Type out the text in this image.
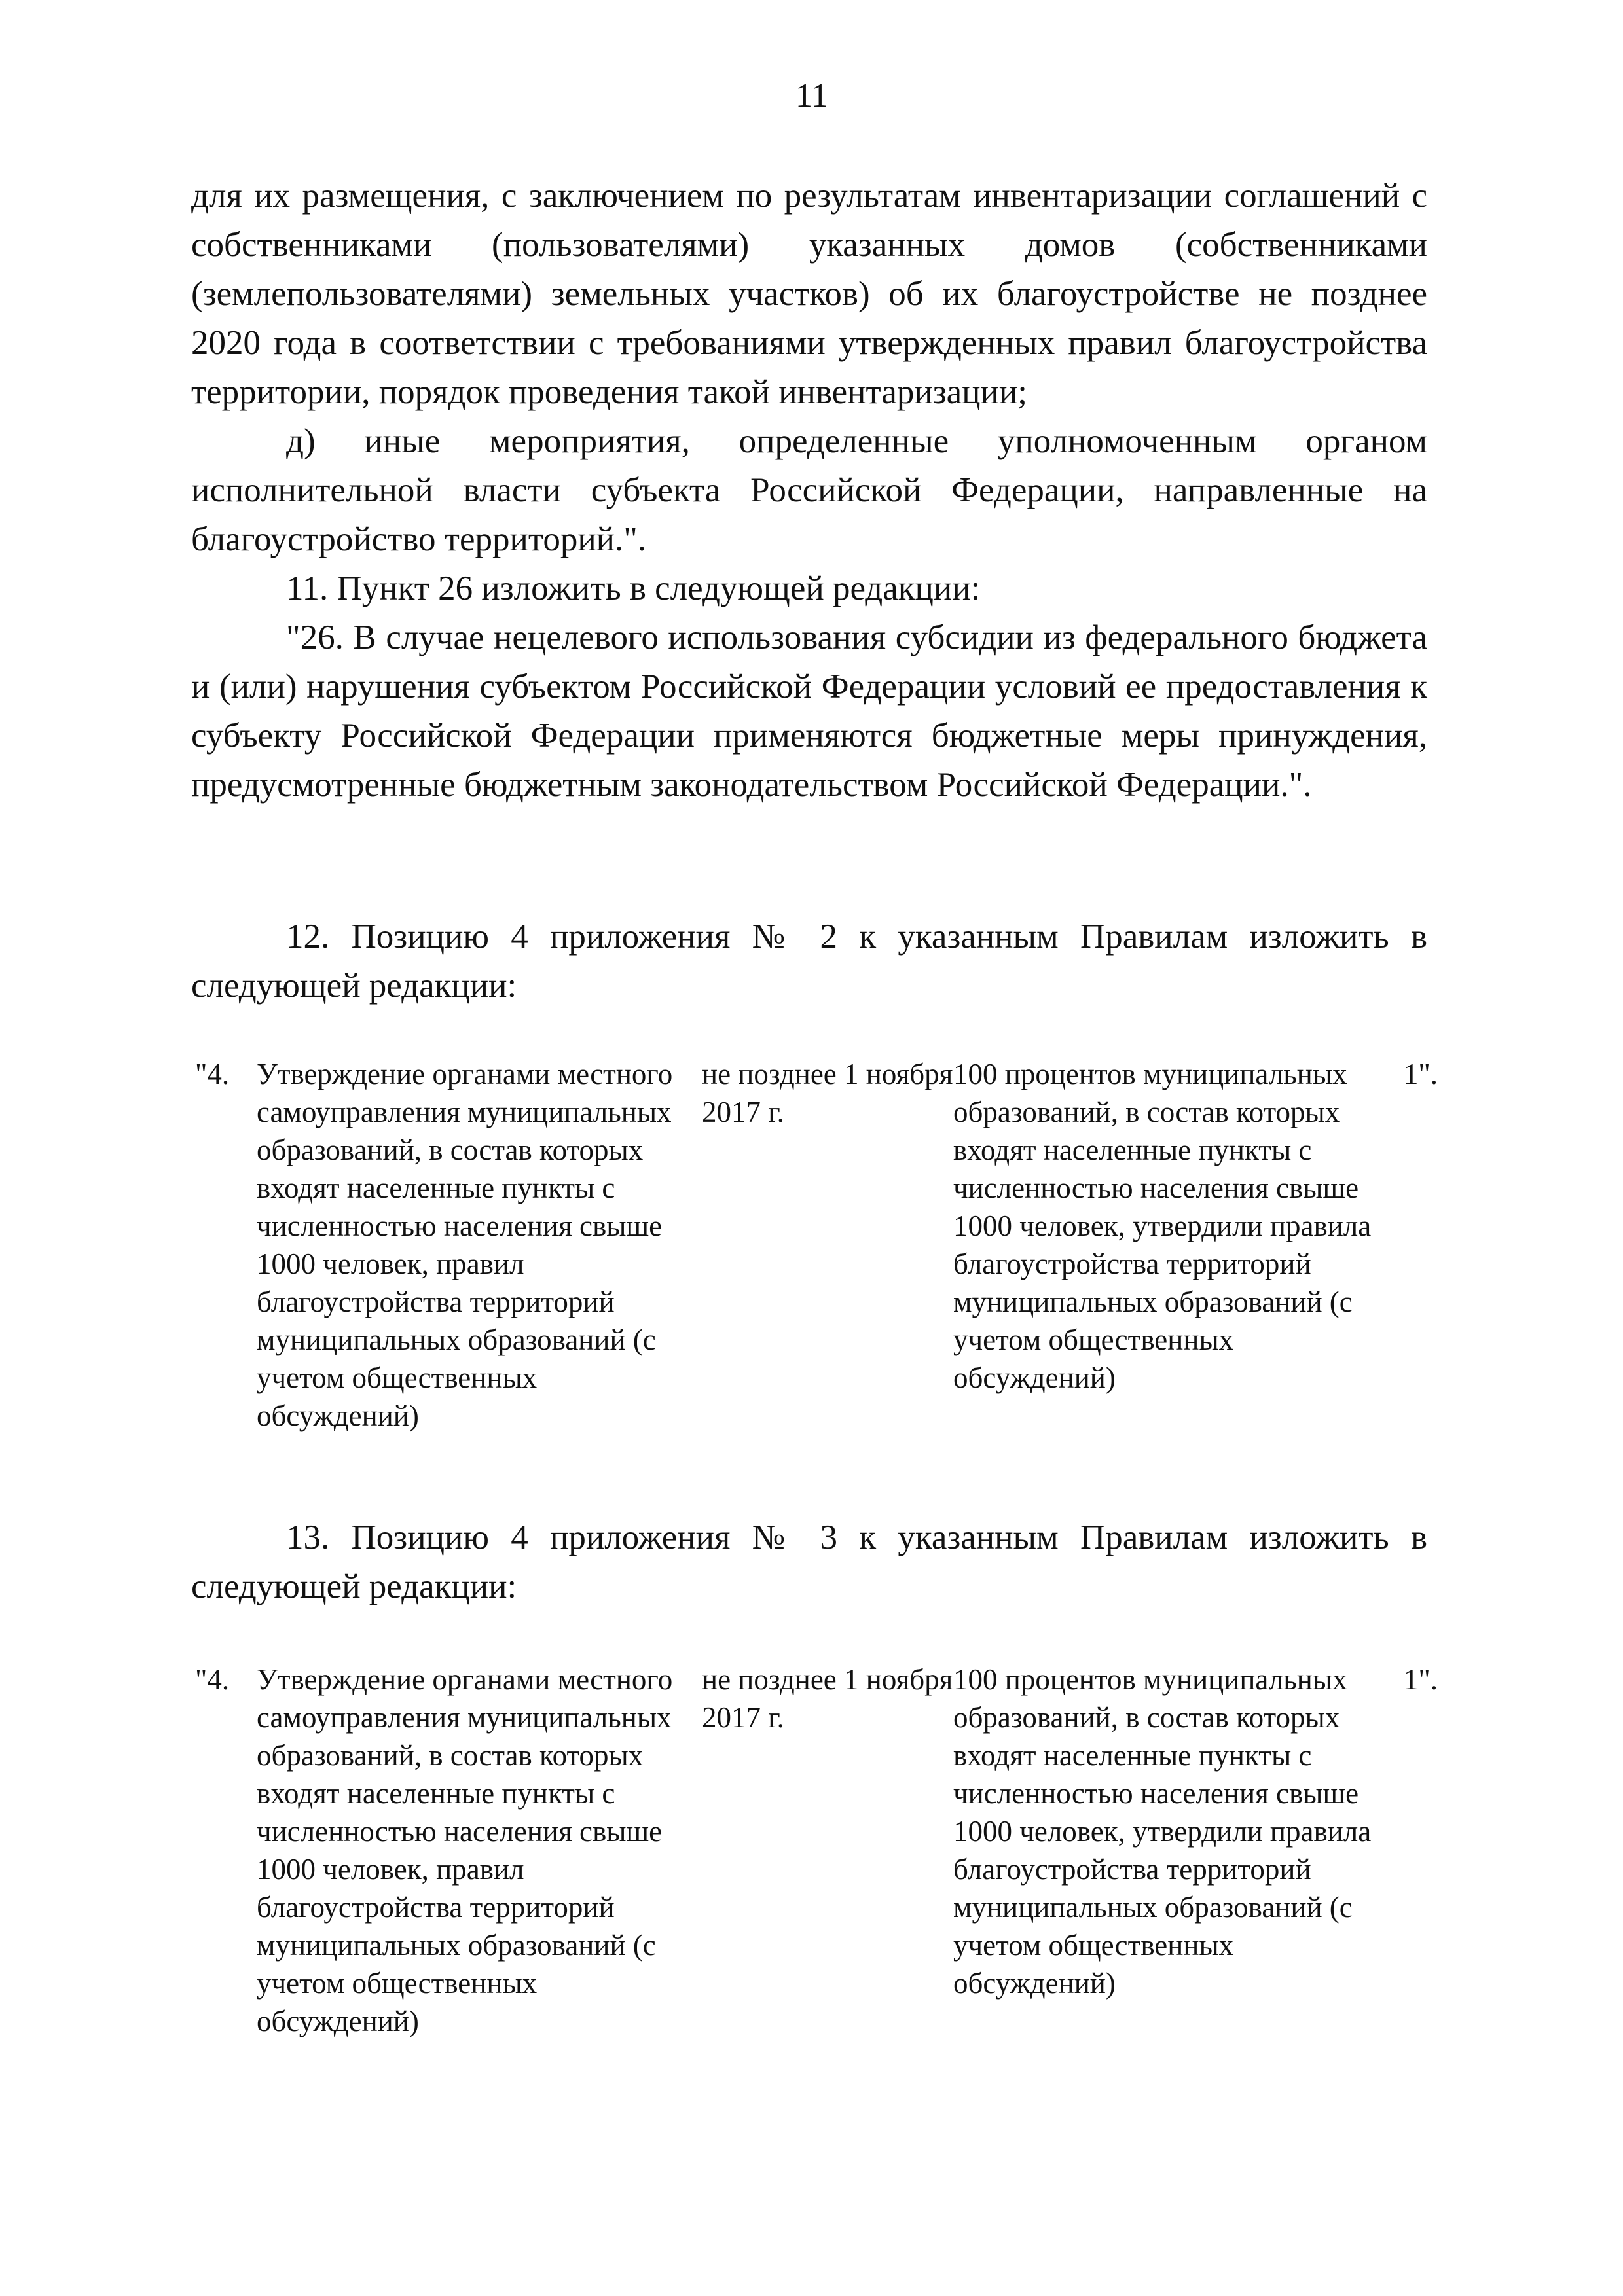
11

для их размещения, с заключением по результатам инвентаризации соглашений с собственниками (пользователями) указанных домов (собственниками (землепользователями) земельных участков) об их благоустройстве не позднее 2020 года в соответствии с требованиями утвержденных правил благоустройства территории, порядок проведения такой инвентаризации;

д) иные мероприятия, определенные уполномоченным органом исполнительной власти субъекта Российской Федерации, направленные на благоустройство территорий.".

11. Пункт 26 изложить в следующей редакции:

"26. В случае нецелевого использования субсидии из федерального бюджета и (или) нарушения субъектом Российской Федерации условий ее предоставления к субъекту Российской Федерации применяются бюджетные меры принуждения, предусмотренные бюджетным законодательством Российской Федерации.".

12. Позицию 4 приложения № 2 к указанным Правилам изложить в следующей редакции:

"4.	Утверждение органами местного самоуправления муниципальных образований, в состав которых входят населенные пункты с численностью населения свыше 1000 человек, правил благоустройства территорий муниципальных образований (с учетом общественных обсуждений)	не позднее 1 ноября 2017 г.	100 процентов муниципальных образований, в состав которых входят населенные пункты с численностью населения свыше 1000 человек, утвердили правила благоустройства территорий муниципальных образований (с учетом общественных обсуждений)	1".

13. Позицию 4 приложения № 3 к указанным Правилам изложить в следующей редакции:

"4.	Утверждение органами местного самоуправления муниципальных образований, в состав которых входят населенные пункты с численностью населения свыше 1000 человек, правил благоустройства территорий муниципальных образований (с учетом общественных обсуждений)	не позднее 1 ноября 2017 г.	100 процентов муниципальных образований, в состав которых входят населенные пункты с численностью населения свыше 1000 человек, утвердили правила благоустройства территорий муниципальных образований (с учетом общественных обсуждений)	1".
